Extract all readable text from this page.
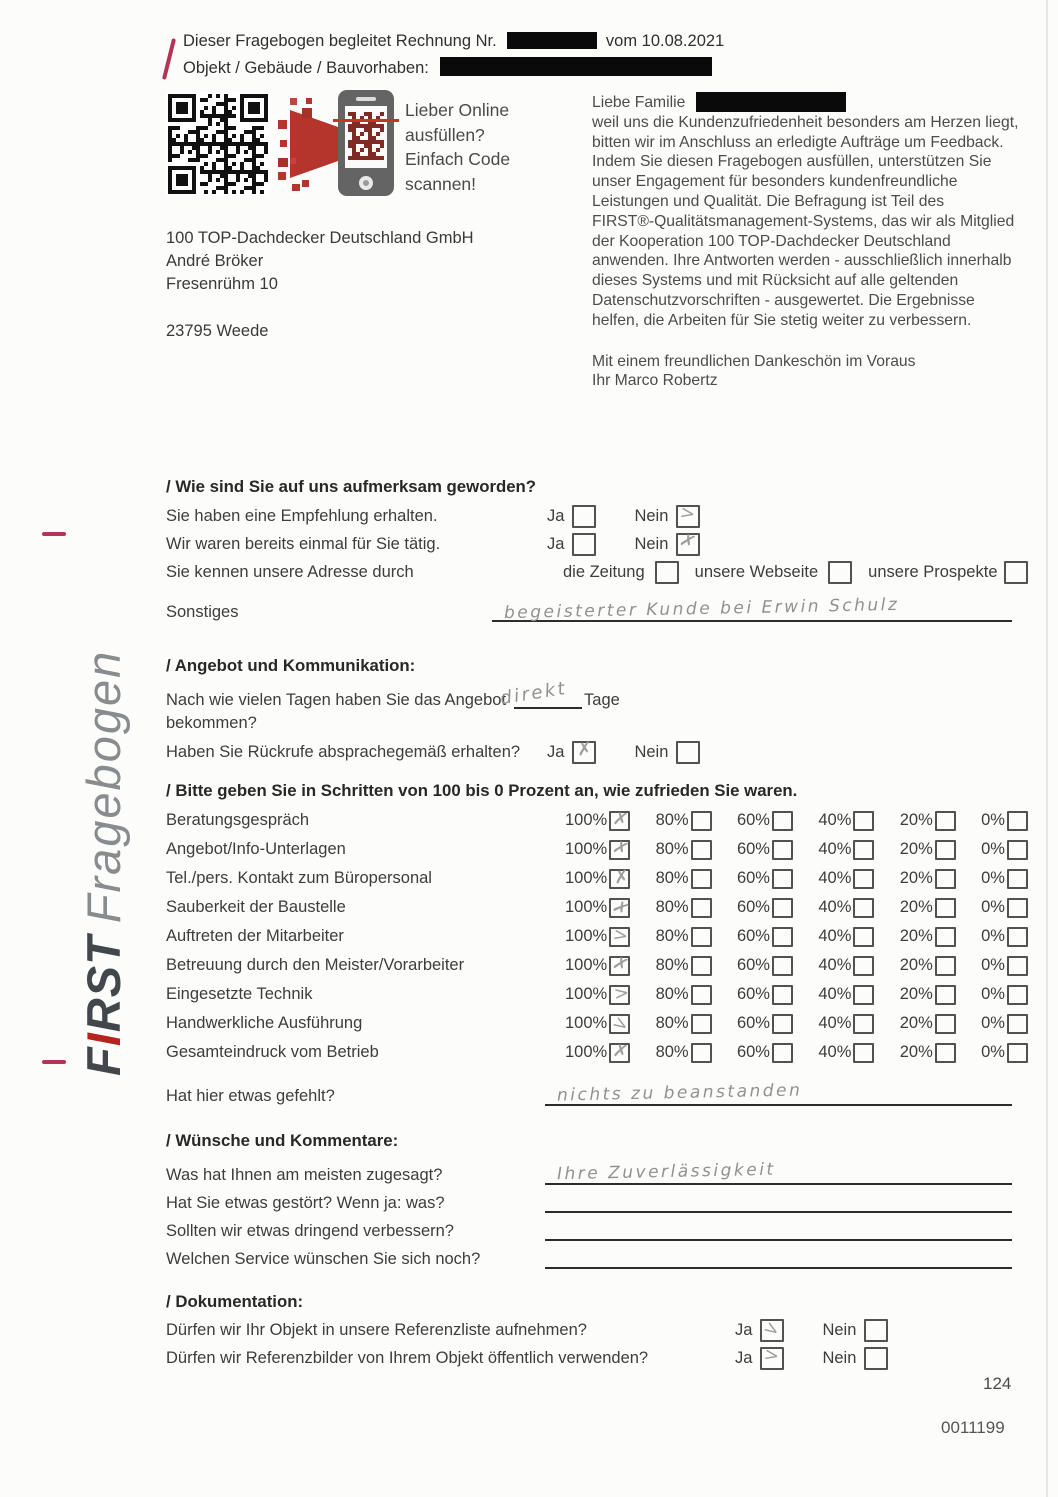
Dieser Fragebogen begleitet Rechnung Nr.	vom 10.08.2021
Objekt / Gebäude / Bauvorhaben:
Lieber Online
ausfüllen?
Einfach Code
scannen!
100 TOP-Dachdecker Deutschland GmbH
André Bröker
Fresenrühm 10
23795 Weede
Liebe Familie
weil uns die Kundenzufriedenheit besonders am Herzen liegt,
bitten wir im Anschluss an erledigte Aufträge um Feedback.
Indem Sie diesen Fragebogen ausfüllen, unterstützen Sie
unser Engagement für besonders kundenfreundliche
Leistungen und Qualität. Die Befragung ist Teil des
FIRST®-Qualitätsmanagement-Systems, das wir als Mitglied
der Kooperation 100 TOP-Dachdecker Deutschland
anwenden. Ihre Antworten werden - ausschließlich innerhalb
dieses Systems und mit Rücksicht auf alle geltenden
Datenschutzvorschriften - ausgewertet. Die Ergebnisse
helfen, die Arbeiten für Sie stetig weiter zu verbessern.
Mit einem freundlichen Dankeschön im Voraus
Ihr Marco Robertz
FIRSTFragebogen
/ Wie sind Sie auf uns aufmerksam geworden?
Sie haben eine Empfehlung erhalten.	Ja	Nein >
Wir waren bereits einmal für Sie tätig.	Ja	Nein ✗
Sie kennen unsere Adresse durch	die Zeitung	unsere Webseite	unsere Prospekte
Sonstiges	begeisterter Kunde bei Erwin Schulz
/ Angebot und Kommunikation:
Nach wie vielen Tagen haben Sie das Angebot
direkt Tage
bekommen?
Haben Sie Rückrufe absprachegemäß erhalten?	Ja ✗ Nein
/ Bitte geben Sie in Schritten von 100 bis 0 Prozent an, wie zufrieden Sie waren.
Beratungsgespräch	100% ✗ 80%	60%	40%	20%	0%
Angebot/Info-Unterlagen	100% ✗ 80%	60%	40%	20%	0%
Tel./pers. Kontakt zum Büropersonal	100% ✗ 80%	60%	40%	20%	0%
Sauberkeit der Baustelle	100% ✗ 80%	60%	40%	20%	0%
Auftreten der Mitarbeiter	100% > 80%	60%	40%	20%	0%
Betreuung durch den Meister/Vorarbeiter	100% ✗ 80%	60%	40%	20%	0%
Eingesetzte Technik	100% > 80%	60%	40%	20%	0%
Handwerkliche Ausführung	100% > 80%	60%	40%	20%	0%
Gesamteindruck vom Betrieb	100% ✗ 80%	60%	40%	20%	0%
Hat hier etwas gefehlt?	nichts zu beanstanden
/ Wünsche und Kommentare:
Was hat Ihnen am meisten zugesagt?	Ihre Zuverlässigkeit
Hat Sie etwas gestört? Wenn ja: was?
Sollten wir etwas dringend verbessern?
Welchen Service wünschen Sie sich noch?
/ Dokumentation:
Dürfen wir Ihr Objekt in unsere Referenzliste aufnehmen?	Ja > Nein
Dürfen wir Referenzbilder von Ihrem Objekt öffentlich verwenden?	Ja > Nein
124
0011199
